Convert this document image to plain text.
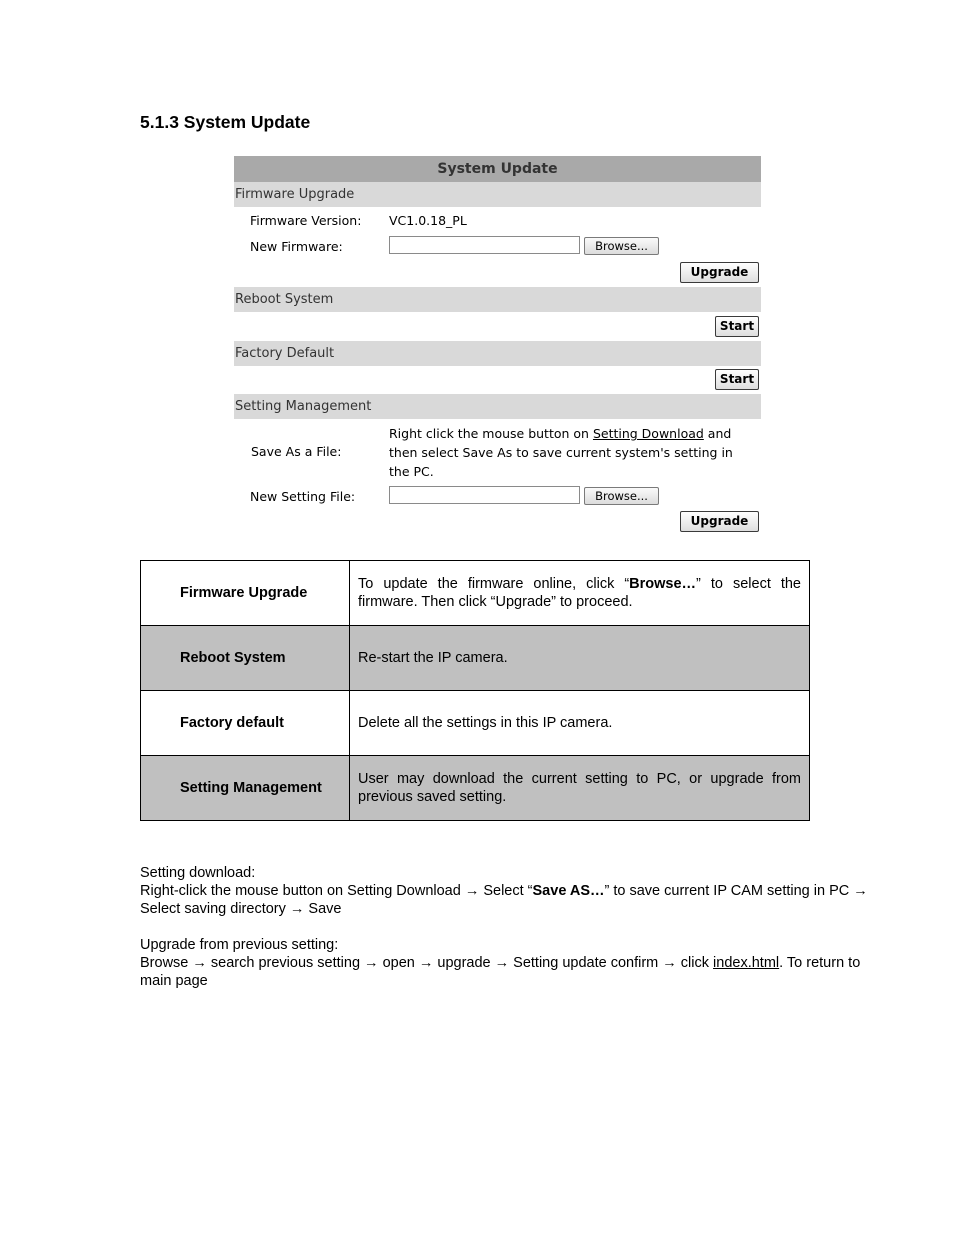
5.1.3 System Update
System Update
Firmware Upgrade
Firmware Version: VC1.0.18_PL
New Firmware:	Browse...
Upgrade
Reboot System
Start
Factory Default
Start
Setting Management
Save As a File:
Right click the mouse button on Setting Download and then select Save As to save current system's setting in the PC.
New Setting File:	Browse...
Upgrade
Firmware Upgrade	To update the firmware online, click “Browse…” to select the firmware. Then click “Upgrade” to proceed.
Reboot System	Re-start the IP camera.
Factory default	Delete all the settings in this IP camera.
Setting Management	User may download the current setting to PC, or upgrade from previous saved setting.

Setting download:

Right-click the mouse button on Setting Download → Select “Save AS…” to save current IP CAM setting in PC → Select saving directory → Save

Upgrade from previous setting:

Browse → search previous setting → open → upgrade → Setting update confirm → click index.html. To return to main page
